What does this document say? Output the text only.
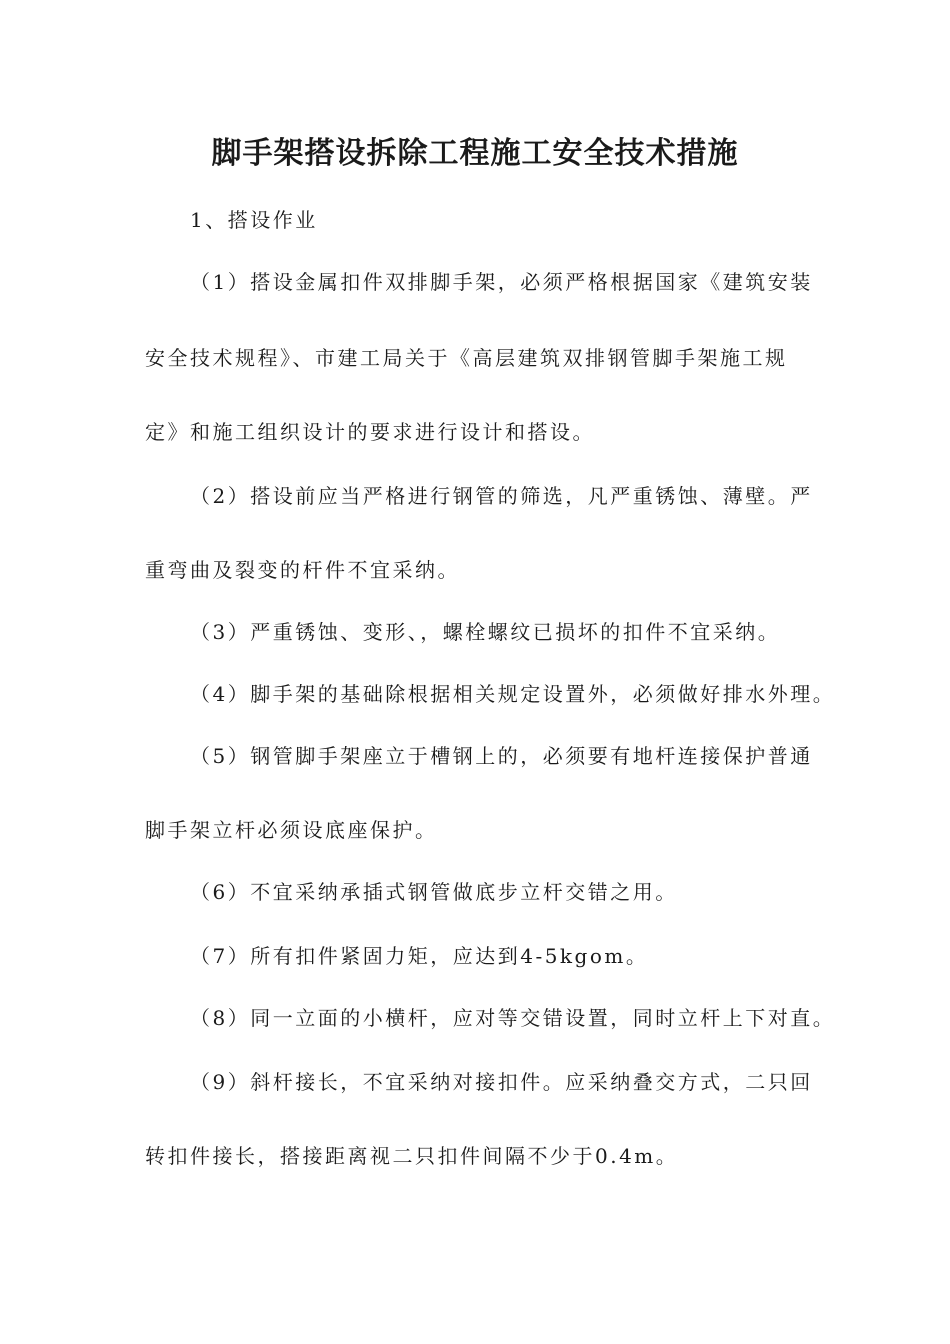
脚手架搭设拆除工程施工安全技术措施

1、搭设作业

（1）搭设金属扣件双排脚手架，必须严格根据国家《建筑安装

安全技术规程》、市建工局关于《高层建筑双排钢管脚手架施工规

定》和施工组织设计的要求进行设计和搭设。

（2）搭设前应当严格进行钢管的筛选，凡严重锈蚀、薄壁。严

重弯曲及裂变的杆件不宜采纳。

（3）严重锈蚀、变形、，螺栓螺纹已损坏的扣件不宜采纳。

（4）脚手架的基础除根据相关规定设置外，必须做好排水外理。

（5）钢管脚手架座立于槽钢上的，必须要有地杆连接保护普通

脚手架立杆必须设底座保护。

（6）不宜采纳承插式钢管做底步立杆交错之用。

（7）所有扣件紧固力矩，应达到4-5kgom。

（8）同一立面的小横杆，应对等交错设置，同时立杆上下对直。

（9）斜杆接长，不宜采纳对接扣件。应采纳叠交方式，二只回

转扣件接长，搭接距离视二只扣件间隔不少于0.4m。
